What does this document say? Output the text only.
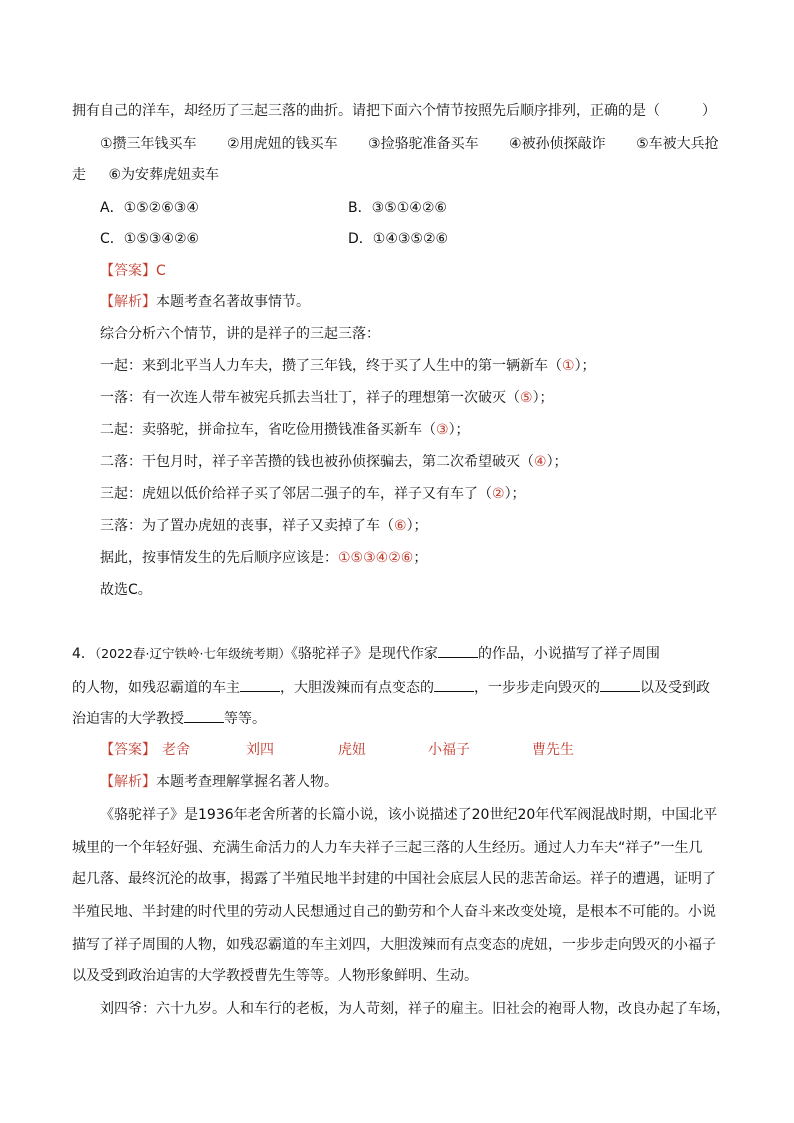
拥有自己的洋车，却经历了三起三落的曲折。请把下面六个情节按照先后顺序排列，正确的是（　　　）
①攒三年钱买车 ②用虎妞的钱买车 ③捡骆驼准备买车 ④被孙侦探敲诈 ⑤车被大兵抢
走 ⑥为安葬虎妞卖车
A．①⑤②⑥③④	B．③⑤①④②⑥
C．①⑤③④②⑥	D．①④③⑤②⑥
【答案】C
【解析】本题考查名著故事情节。
综合分析六个情节，讲的是祥子的三起三落：
一起：来到北平当人力车夫，攒了三年钱，终于买了人生中的第一辆新车（①）；
一落：有一次连人带车被宪兵抓去当壮丁，祥子的理想第一次破灭（⑤）；
二起：卖骆驼，拼命拉车，省吃俭用攒钱准备买新车（③）；
二落：干包月时，祥子辛苦攒的钱也被孙侦探骗去，第二次希望破灭（④）；
三起：虎妞以低价给祥子买了邻居二强子的车，祥子又有车了（②）；
三落：为了置办虎妞的丧事，祥子又卖掉了车（⑥）；
据此，按事情发生的先后顺序应该是：①⑤③④②⑥；
故选C。
4．（2022春·辽宁铁岭·七年级统考期）《骆驼祥子》是现代作家	的作品，小说描写了祥子周围
的人物，如残忍霸道的车主	，大胆泼辣而有点变态的	，一步步走向毁灭的	以及受到政
治迫害的大学教授	等等。
【答案】 老舍	刘四	虎妞	小福子	曹先生
【解析】本题考查理解掌握名著人物。
《骆驼祥子》是1936年老舍所著的长篇小说，该小说描述了20世纪20年代军阀混战时期，中国北平
城里的一个年轻好强、充满生命活力的人力车夫祥子三起三落的人生经历。通过人力车夫“祥子”一生几
起几落、最终沉沦的故事，揭露了半殖民地半封建的中国社会底层人民的悲苦命运。祥子的遭遇，证明了
半殖民地、半封建的时代里的劳动人民想通过自己的勤劳和个人奋斗来改变处境，是根本不可能的。小说
描写了祥子周围的人物，如残忍霸道的车主刘四，大胆泼辣而有点变态的虎妞，一步步走向毁灭的小福子
以及受到政治迫害的大学教授曹先生等等。人物形象鲜明、生动。
刘四爷：六十九岁。人和车行的老板，为人苛刻，祥子的雇主。旧社会的袍哥人物，改良办起了车场，
